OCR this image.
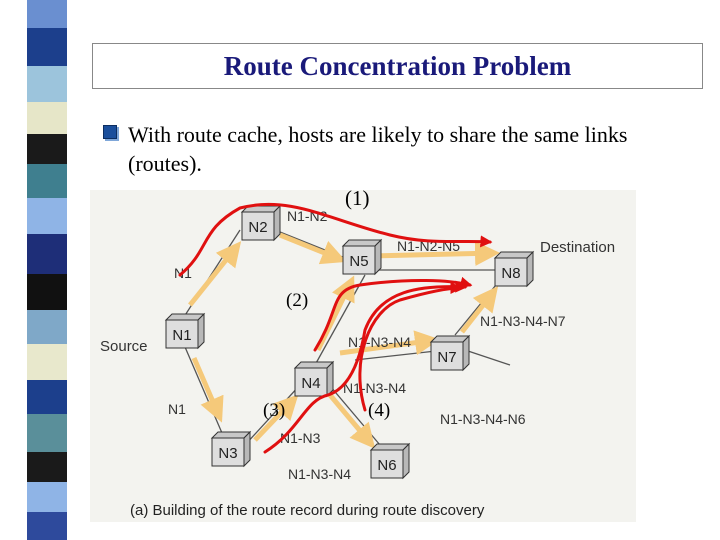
Route Concentration Problem
With route cache, hosts are likely to share the same links (routes).
N2
N5
N8
N1
N7
N4
N3
N6
Source
Destination
N1
N1
N1-N2
N1-N2-N5
N1-N3
N1-N3-N4
N1-N3-N4
N1-N3-N4
N1-N3-N4-N7
N1-N3-N4-N6
(a) Building of the route record during route discovery
(2)
(3)	(4)
(1)
